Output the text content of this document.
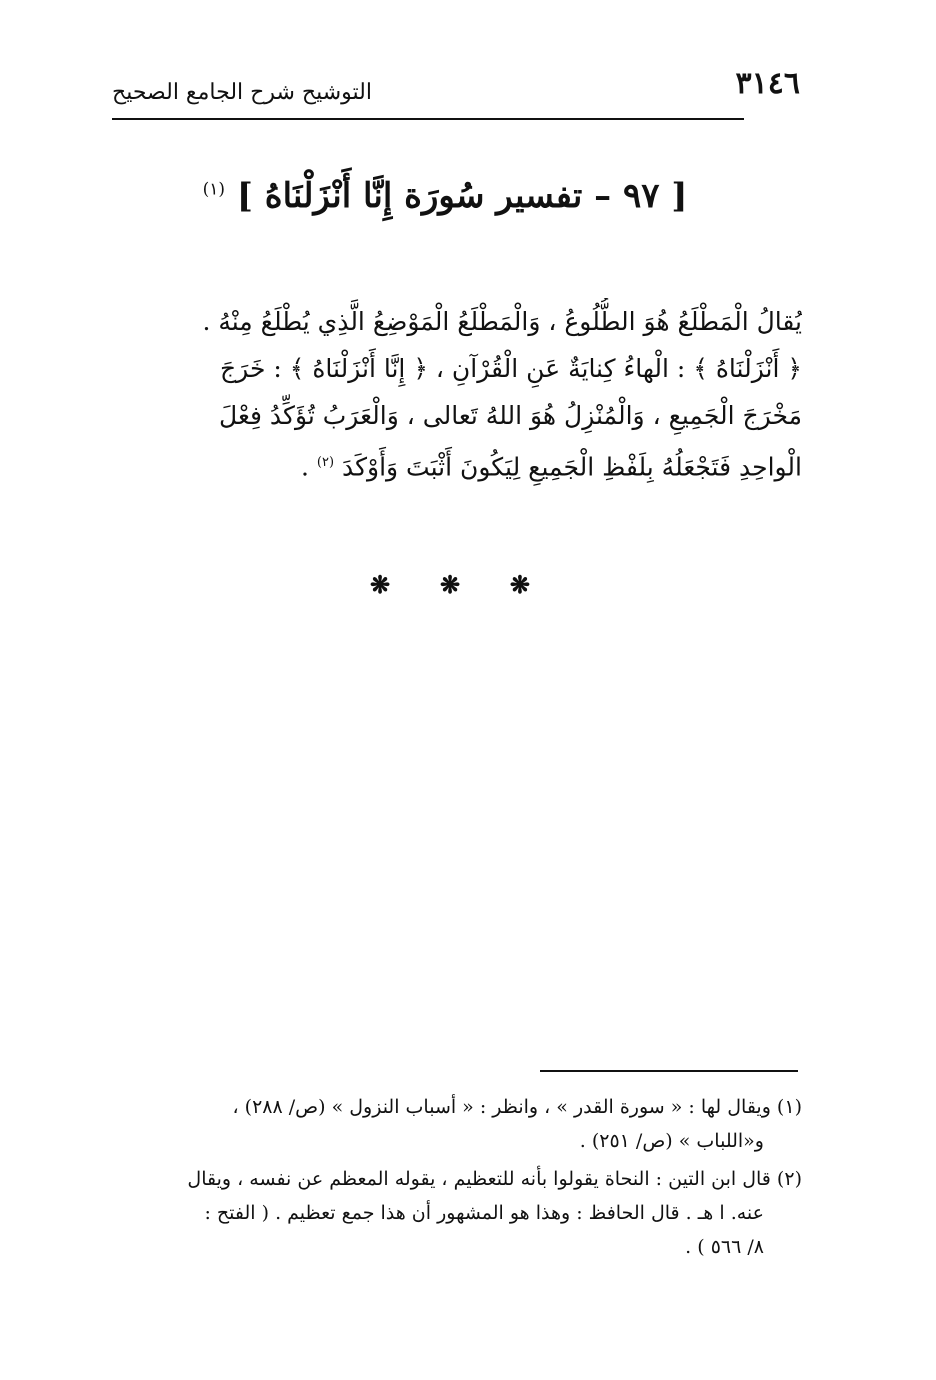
٣١٤٦
التوشيح شرح الجامع الصحيح
[ ٩٧ – تفسير سُورَة إِنَّا أَنْزَلْنَاهُ ] $^{(١)}$
يُقالُ الْمَطْلَعُ هُوَ الطُّلُوعُ ، وَالْمَطْلَعُ الْمَوْضِعُ الَّذِي يُطْلَعُ مِنْهُ .
﴿ أَنْزَلْنَاهُ ﴾ : الْهاءُ كِنايَةٌ عَنِ الْقُرْآنِ ، ﴿ إِنَّا أَنْزَلْنَاهُ ﴾ : خَرَجَ
مَخْرَجَ الْجَمِيعِ ، وَالْمُنْزِلُ هُوَ اللهُ تَعالى ، وَالْعَرَبُ تُؤَكِّدُ فِعْلَ
الْواحِدِ فَتَجْعَلُهُ بِلَفْظِ الْجَمِيعِ لِيَكُونَ أَثْبَتَ وَأَوْكَدَ $^{(٢)}$ .
❋
❋
❋
(١) ويقال لها : « سورة القدر » ، وانظر : « أسباب النزول » (ص/ ٢٨٨) ،
و«اللباب » (ص/ ٢٥١) .
(٢) قال ابن التين : النحاة يقولوا بأنه للتعظيم ، يقوله المعظم عن نفسه ، ويقال
عنه. ا هـ . قال الحافظ : وهذا هو المشهور أن هذا جمع تعظيم . ( الفتح :
٨/ ٥٦٦ ) .
